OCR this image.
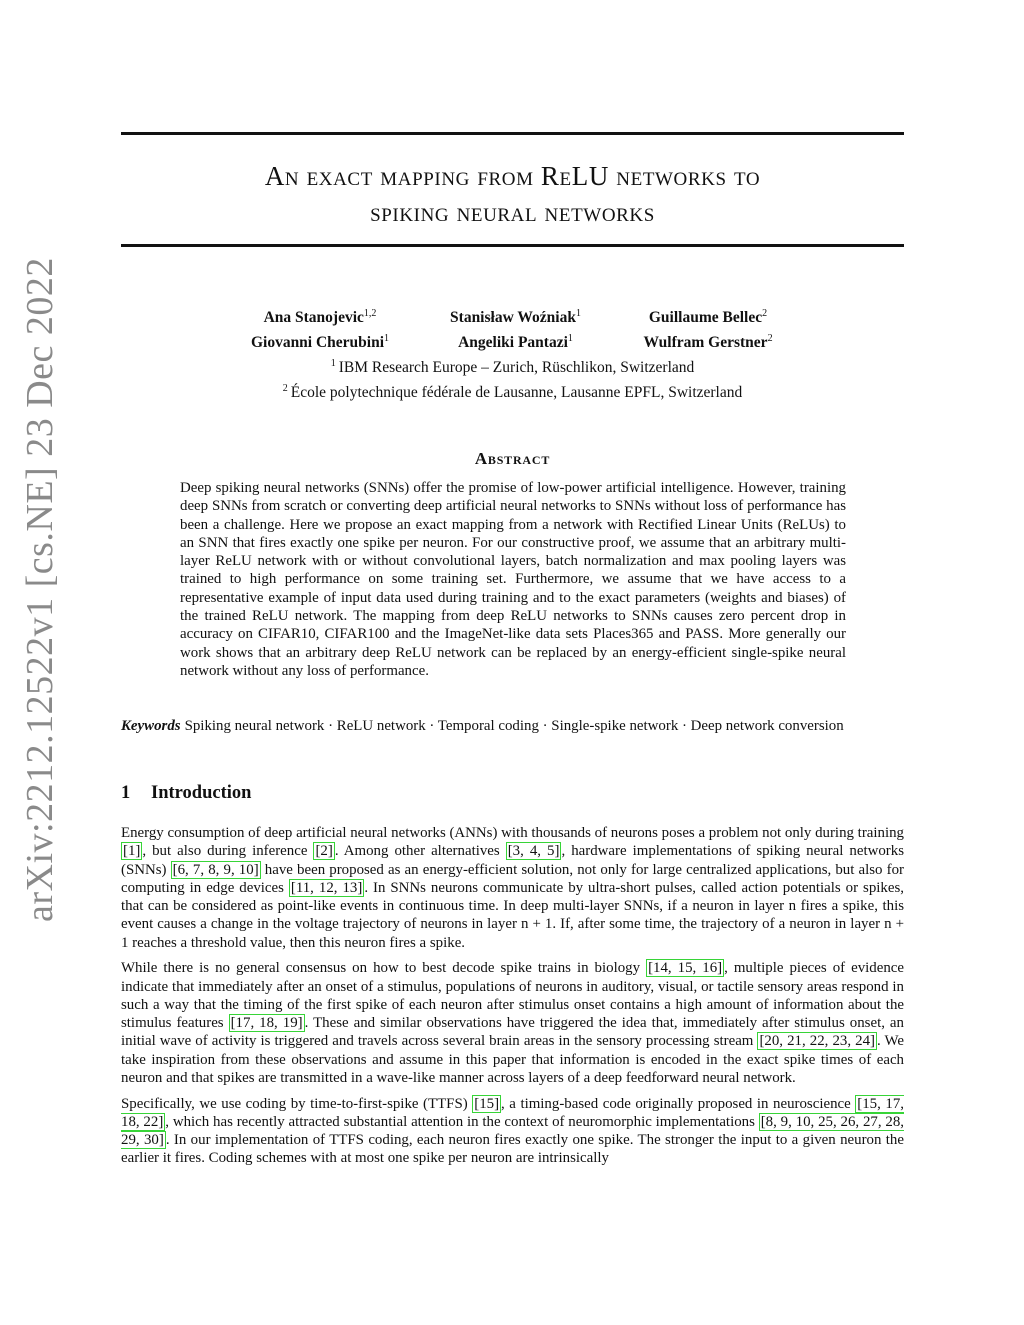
arXiv:2212.12522v1 [cs.NE] 23 Dec 2022
An exact mapping from ReLU networks to
spiking neural networks
Ana Stanojevic$^{1,2}$	Stanisław Woźniak$^1$	Guillaume Bellec$^2$
Giovanni Cherubini$^1$	Angeliki Pantazi$^1$	Wulfram Gerstner$^2$
$^1$ IBM Research Europe – Zurich, Rüschlikon, Switzerland
$^2$ École polytechnique fédérale de Lausanne, Lausanne EPFL, Switzerland
Abstract

Deep spiking neural networks (SNNs) offer the promise of low-power artificial intelligence. However, training deep SNNs from scratch or converting deep artificial neural networks to SNNs without loss of performance has been a challenge. Here we propose an exact mapping from a network with Rectified Linear Units (ReLUs) to an SNN that fires exactly one spike per neuron. For our constructive proof, we assume that an arbitrary multi-layer ReLU network with or without convolutional layers, batch normalization and max pooling layers was trained to high performance on some training set. Furthermore, we assume that we have access to a representative example of input data used during training and to the exact parameters (weights and biases) of the trained ReLU network. The mapping from deep ReLU networks to SNNs causes zero percent drop in accuracy on CIFAR10, CIFAR100 and the ImageNet-like data sets Places365 and PASS. More generally our work shows that an arbitrary deep ReLU network can be replaced by an energy-efficient single-spike neural network without any loss of performance.

Keywords Spiking neural network · ReLU network · Temporal coding · Single-spike network · Deep network conversion

1 Introduction

Energy consumption of deep artificial neural networks (ANNs) with thousands of neurons poses a problem not only during training [1] , but also during inference [2] . Among other alternatives [3, 4, 5] , hardware implementations of spiking neural networks (SNNs) [6, 7, 8, 9, 10] have been proposed as an energy-efficient solution, not only for large centralized applications, but also for computing in edge devices [11, 12, 13] . In SNNs neurons communicate by ultra-short pulses, called action potentials or spikes, that can be considered as point-like events in continuous time. In deep multi-layer SNNs, if a neuron in layer n fires a spike, this event causes a change in the voltage trajectory of neurons in layer n + 1. If, after some time, the trajectory of a neuron in layer n + 1 reaches a threshold value, then this neuron fires a spike.

While there is no general consensus on how to best decode spike trains in biology [14, 15, 16] , multiple pieces of evidence indicate that immediately after an onset of a stimulus, populations of neurons in auditory, visual, or tactile sensory areas respond in such a way that the timing of the first spike of each neuron after stimulus onset contains a high amount of information about the stimulus features [17, 18, 19] . These and similar observations have triggered the idea that, immediately after stimulus onset, an initial wave of activity is triggered and travels across several brain areas in the sensory processing stream [20, 21, 22, 23, 24] . We take inspiration from these observations and assume in this paper that information is encoded in the exact spike times of each neuron and that spikes are transmitted in a wave-like manner across layers of a deep feedforward neural network.

Specifically, we use coding by time-to-first-spike (TTFS) [15] , a timing-based code originally proposed in neuroscience [15, 17, 18, 22] , which has recently attracted substantial attention in the context of neuromorphic implementations [8, 9, 10, 25, 26, 27, 28, 29, 30] . In our implementation of TTFS coding, each neuron fires exactly one spike. The stronger the input to a given neuron the earlier it fires. Coding schemes with at most one spike per neuron are intrinsically
